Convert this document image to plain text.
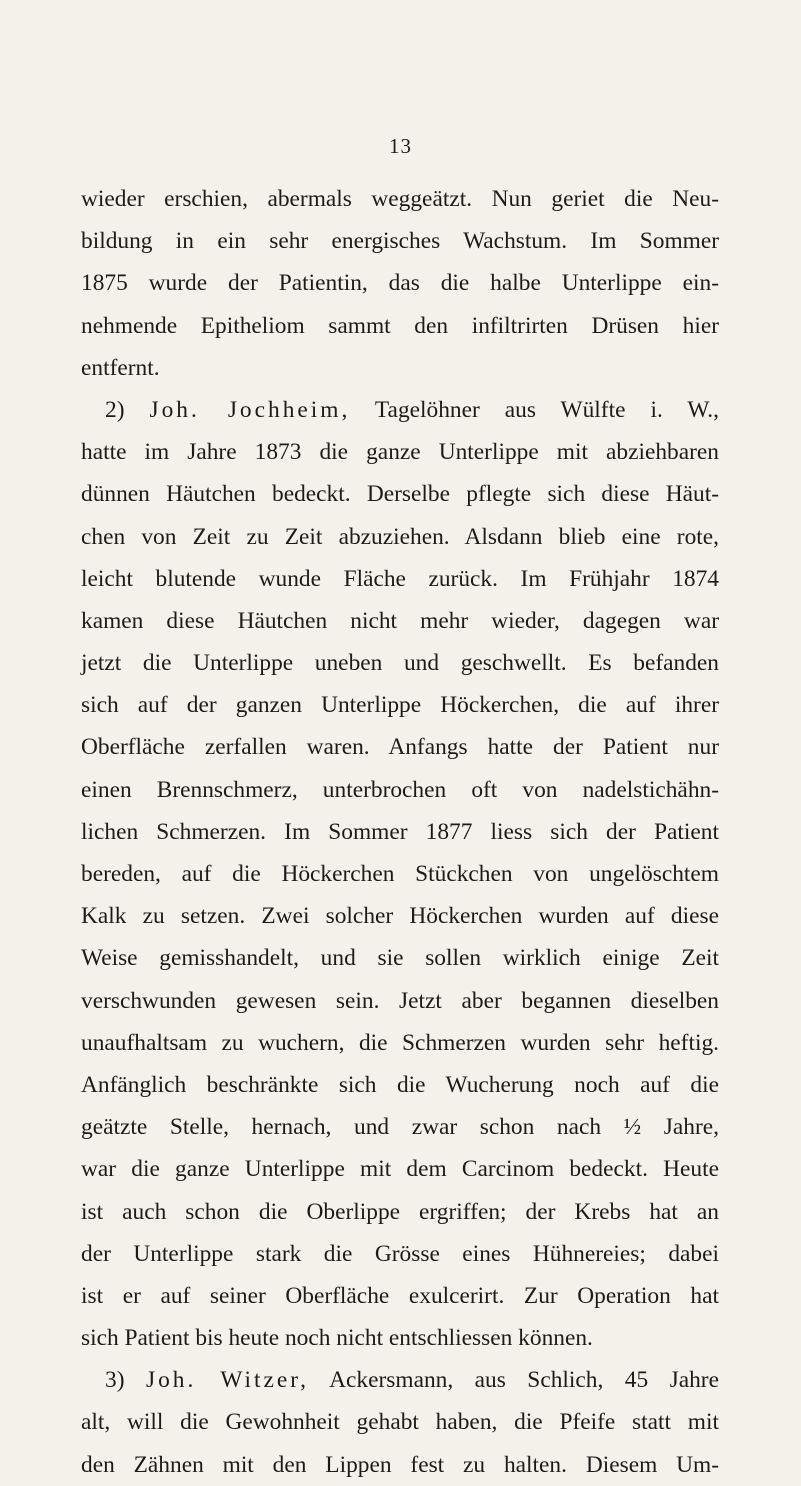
13
wieder erschien, abermals weggeätzt. Nun geriet die Neu-
bildung in ein sehr energisches Wachstum. Im Sommer
1875 wurde der Patientin, das die halbe Unterlippe ein-
nehmende Epitheliom sammt den infiltrirten Drüsen hier
entfernt.
2) Joh. Jochheim, Tagelöhner aus Wülfte i. W.,
hatte im Jahre 1873 die ganze Unterlippe mit abziehbaren
dünnen Häutchen bedeckt. Derselbe pflegte sich diese Häut-
chen von Zeit zu Zeit abzuziehen. Alsdann blieb eine rote,
leicht blutende wunde Fläche zurück. Im Frühjahr 1874
kamen diese Häutchen nicht mehr wieder, dagegen war
jetzt die Unterlippe uneben und geschwellt. Es befanden
sich auf der ganzen Unterlippe Höckerchen, die auf ihrer
Oberfläche zerfallen waren. Anfangs hatte der Patient nur
einen Brennschmerz, unterbrochen oft von nadelstichähn-
lichen Schmerzen. Im Sommer 1877 liess sich der Patient
bereden, auf die Höckerchen Stückchen von ungelöschtem
Kalk zu setzen. Zwei solcher Höckerchen wurden auf diese
Weise gemisshandelt, und sie sollen wirklich einige Zeit
verschwunden gewesen sein. Jetzt aber begannen dieselben
unaufhaltsam zu wuchern, die Schmerzen wurden sehr heftig.
Anfänglich beschränkte sich die Wucherung noch auf die
geätzte Stelle, hernach, und zwar schon nach ½ Jahre,
war die ganze Unterlippe mit dem Carcinom bedeckt. Heute
ist auch schon die Oberlippe ergriffen; der Krebs hat an
der Unterlippe stark die Grösse eines Hühnereies; dabei
ist er auf seiner Oberfläche exulcerirt. Zur Operation hat
sich Patient bis heute noch nicht entschliessen können.
3) Joh. Witzer, Ackersmann, aus Schlich, 45 Jahre
alt, will die Gewohnheit gehabt haben, die Pfeife statt mit
den Zähnen mit den Lippen fest zu halten. Diesem Um-
